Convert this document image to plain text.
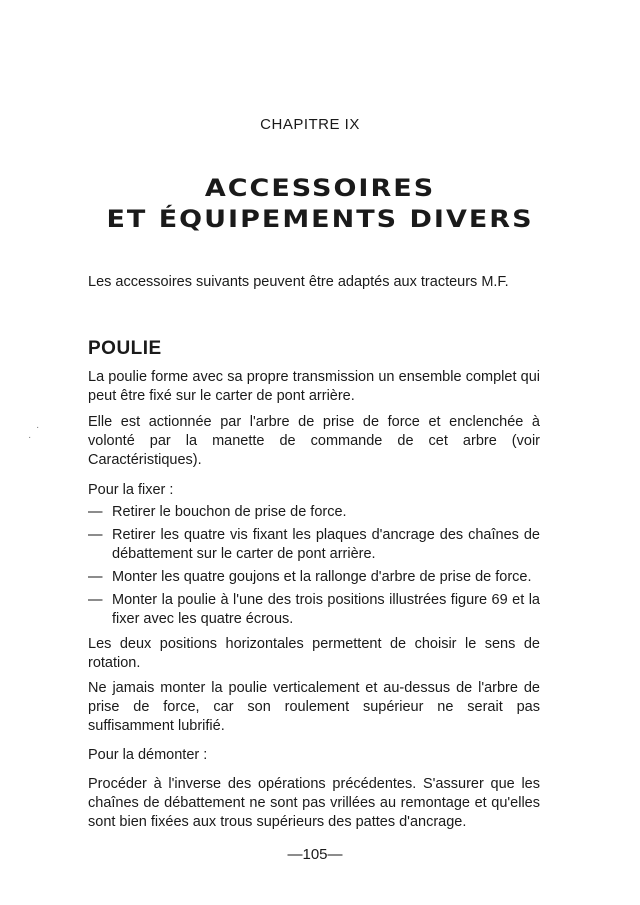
CHAPITRE IX
ACCESSOIRES
ET ÉQUIPEMENTS DIVERS
Les accessoires suivants peuvent être adaptés aux tracteurs M.F.
POULIE
La poulie forme avec sa propre transmission un ensemble complet qui peut être fixé sur le carter de pont arrière.
Elle est actionnée par l'arbre de prise de force et enclenchée à volonté par la manette de commande de cet arbre (voir Caractéristiques).
Pour la fixer :
— Retirer le bouchon de prise de force.
— Retirer les quatre vis fixant les plaques d'ancrage des chaînes de débattement sur le carter de pont arrière.
— Monter les quatre goujons et la rallonge d'arbre de prise de force.
— Monter la poulie à l'une des trois positions illustrées figure 69 et la fixer avec les quatre écrous.
Les deux positions horizontales permettent de choisir le sens de rotation.
Ne jamais monter la poulie verticalement et au-dessus de l'arbre de prise de force, car son roulement supérieur ne serait pas suffisamment lubrifié.
Pour la démonter :
Procéder à l'inverse des opérations précédentes. S'assurer que les chaînes de débattement ne sont pas vrillées au remontage et qu'elles sont bien fixées aux trous supérieurs des pattes d'ancrage.
—105—
·
·
